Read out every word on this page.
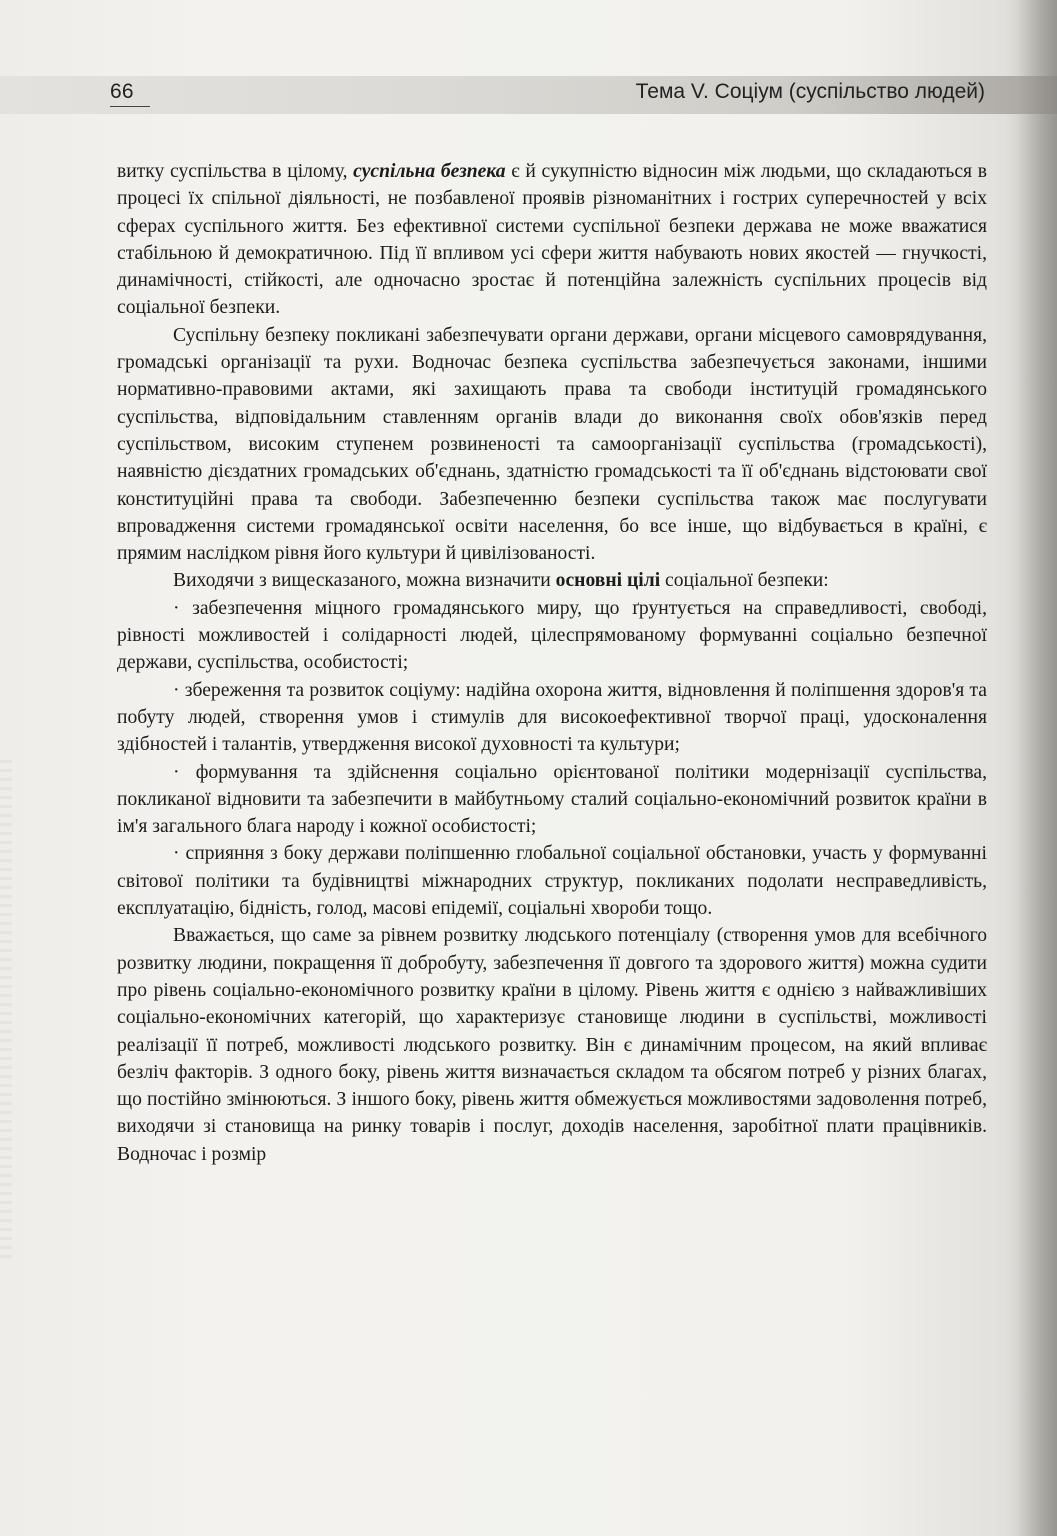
66	Тема V. Соціум (суспільство людей)

витку суспільства в цілому, суспільна безпека є й сукупністю відносин між людьми, що складаються в процесі їх спільної діяльності, не позбавленої проявів різноманітних і гострих суперечностей у всіх сферах суспільного життя. Без ефективної системи суспільної безпеки держава не може вважатися стабільною й демократичною. Під її впливом усі сфери життя набувають нових якостей — гнучкості, динамічності, стійкості, але одночасно зростає й потенційна залежність суспільних процесів від соціальної безпеки.

Суспільну безпеку покликані забезпечувати органи держави, органи місцевого самоврядування, громадські організації та рухи. Водночас безпека суспільства забезпечується законами, іншими нормативно-правовими актами, які захищають права та свободи інституцій громадянського суспільства, відповідальним ставленням органів влади до виконання своїх обов'язків перед суспільством, високим ступенем розвиненості та самоорганізації суспільства (громадськості), наявністю дієздатних громадських об'єднань, здатністю громадськості та її об'єднань відстоювати свої конституційні права та свободи. Забезпеченню безпеки суспільства також має послугувати впровадження системи громадянської освіти населення, бо все інше, що відбувається в країні, є прямим наслідком рівня його культури й цивілізованості.

Виходячи з вищесказаного, можна визначити основні цілі соціальної безпеки:

· забезпечення міцного громадянського миру, що ґрунтується на справедливості, свободі, рівності можливостей і солідарності людей, цілеспрямованому формуванні соціально безпечної держави, суспільства, особистості;

· збереження та розвиток соціуму: надійна охорона життя, відновлення й поліпшення здоров'я та побуту людей, створення умов і стимулів для високоефективної творчої праці, удосконалення здібностей і талантів, утвердження високої духовності та культури;

· формування та здійснення соціально орієнтованої політики модернізації суспільства, покликаної відновити та забезпечити в майбутньому сталий соціально-економічний розвиток країни в ім'я загального блага народу і кожної особистості;

· сприяння з боку держави поліпшенню глобальної соціальної обстановки, участь у формуванні світової політики та будівництві міжнародних структур, покликаних подолати несправедливість, експлуатацію, бідність, голод, масові епідемії, соціальні хвороби тощо.

Вважається, що саме за рівнем розвитку людського потенціалу (створення умов для всебічного розвитку людини, покращення її добробуту, забезпечення її довгого та здорового життя) можна судити про рівень соціально-економічного розвитку країни в цілому. Рівень життя є однією з найважливіших соціально-економічних категорій, що характеризує становище людини в суспільстві, можливості реалізації її потреб, можливості людського розвитку. Він є динамічним процесом, на який впливає безліч факторів. З одного боку, рівень життя визначається складом та обсягом потреб у різних благах, що постійно змінюються. З іншого боку, рівень життя обмежується можливостями задоволення потреб, виходячи зі становища на ринку товарів і послуг, доходів населення, заробітної плати працівників. Водночас і розмір
